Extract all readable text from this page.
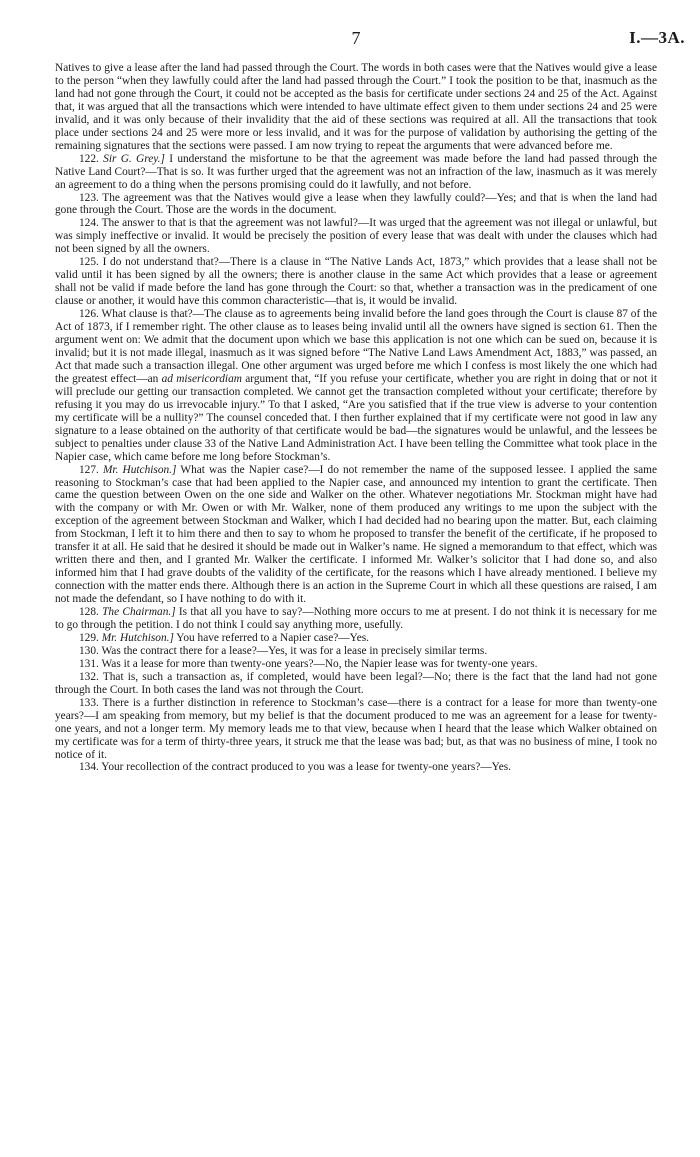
7	I.—3A.

Natives to give a lease after the land had passed through the Court. The words in both cases were that the Natives would give a lease to the person “when they lawfully could after the land had passed through the Court.” I took the position to be that, inasmuch as the land had not gone through the Court, it could not be accepted as the basis for certificate under sections 24 and 25 of the Act. Against that, it was argued that all the transactions which were intended to have ultimate effect given to them under sections 24 and 25 were invalid, and it was only because of their invalidity that the aid of these sections was required at all. All the transactions that took place under sections 24 and 25 were more or less invalid, and it was for the purpose of validation by authorising the getting of the remaining signatures that the sections were passed. I am now trying to repeat the arguments that were advanced before me.

122. Sir G. Grey.] I understand the misfortune to be that the agreement was made before the land had passed through the Native Land Court?—That is so. It was further urged that the agreement was not an infraction of the law, inasmuch as it was merely an agreement to do a thing when the persons promising could do it lawfully, and not before.

123. The agreement was that the Natives would give a lease when they lawfully could?—Yes; and that is when the land had gone through the Court. Those are the words in the document.

124. The answer to that is that the agreement was not lawful?—It was urged that the agreement was not illegal or unlawful, but was simply ineffective or invalid. It would be precisely the position of every lease that was dealt with under the clauses which had not been signed by all the owners.

125. I do not understand that?—There is a clause in “The Native Lands Act, 1873,” which provides that a lease shall not be valid until it has been signed by all the owners; there is another clause in the same Act which provides that a lease or agreement shall not be valid if made before the land has gone through the Court: so that, whether a transaction was in the predicament of one clause or another, it would have this common characteristic—that is, it would be invalid.

126. What clause is that?—The clause as to agreements being invalid before the land goes through the Court is clause 87 of the Act of 1873, if I remember right. The other clause as to leases being invalid until all the owners have signed is section 61. Then the argument went on: We admit that the document upon which we base this application is not one which can be sued on, because it is invalid; but it is not made illegal, inasmuch as it was signed before “The Native Land Laws Amendment Act, 1883,” was passed, an Act that made such a transaction illegal. One other argument was urged before me which I confess is most likely the one which had the greatest effect—an ad misericordiam argument that, “If you refuse your certificate, whether you are right in doing that or not it will preclude our getting our transaction completed. We cannot get the transaction completed without your certificate; therefore by refusing it you may do us irrevocable injury.” To that I asked, “Are you satisfied that if the true view is adverse to your contention my certificate will be a nullity?” The counsel conceded that. I then further explained that if my certificate were not good in law any signature to a lease obtained on the authority of that certificate would be bad—the signatures would be unlawful, and the lessees be subject to penalties under clause 33 of the Native Land Administration Act. I have been telling the Committee what took place in the Napier case, which came before me long before Stockman’s.

127. Mr. Hutchison.] What was the Napier case?—I do not remember the name of the supposed lessee. I applied the same reasoning to Stockman’s case that had been applied to the Napier case, and announced my intention to grant the certificate. Then came the question between Owen on the one side and Walker on the other. Whatever negotiations Mr. Stockman might have had with the company or with Mr. Owen or with Mr. Walker, none of them produced any writings to me upon the subject with the exception of the agreement between Stockman and Walker, which I had decided had no bearing upon the matter. But, each claiming from Stockman, I left it to him there and then to say to whom he proposed to transfer the benefit of the certificate, if he proposed to transfer it at all. He said that he desired it should be made out in Walker’s name. He signed a memorandum to that effect, which was written there and then, and I granted Mr. Walker the certificate. I informed Mr. Walker’s solicitor that I had done so, and also informed him that I had grave doubts of the validity of the certificate, for the reasons which I have already mentioned. I believe my connection with the matter ends there. Although there is an action in the Supreme Court in which all these questions are raised, I am not made the defendant, so I have nothing to do with it.

128. The Chairman.] Is that all you have to say?—Nothing more occurs to me at present. I do not think it is necessary for me to go through the petition. I do not think I could say anything more, usefully.

129. Mr. Hutchison.] You have referred to a Napier case?—Yes.

130. Was the contract there for a lease?—Yes, it was for a lease in precisely similar terms.

131. Was it a lease for more than twenty-one years?—No, the Napier lease was for twenty-one years.

132. That is, such a transaction as, if completed, would have been legal?—No; there is the fact that the land had not gone through the Court. In both cases the land was not through the Court.

133. There is a further distinction in reference to Stockman’s case—there is a contract for a lease for more than twenty-one years?—I am speaking from memory, but my belief is that the document produced to me was an agreement for a lease for twenty-one years, and not a longer term. My memory leads me to that view, because when I heard that the lease which Walker obtained on my certificate was for a term of thirty-three years, it struck me that the lease was bad; but, as that was no business of mine, I took no notice of it.

134. Your recollection of the contract produced to you was a lease for twenty-one years?—Yes.
